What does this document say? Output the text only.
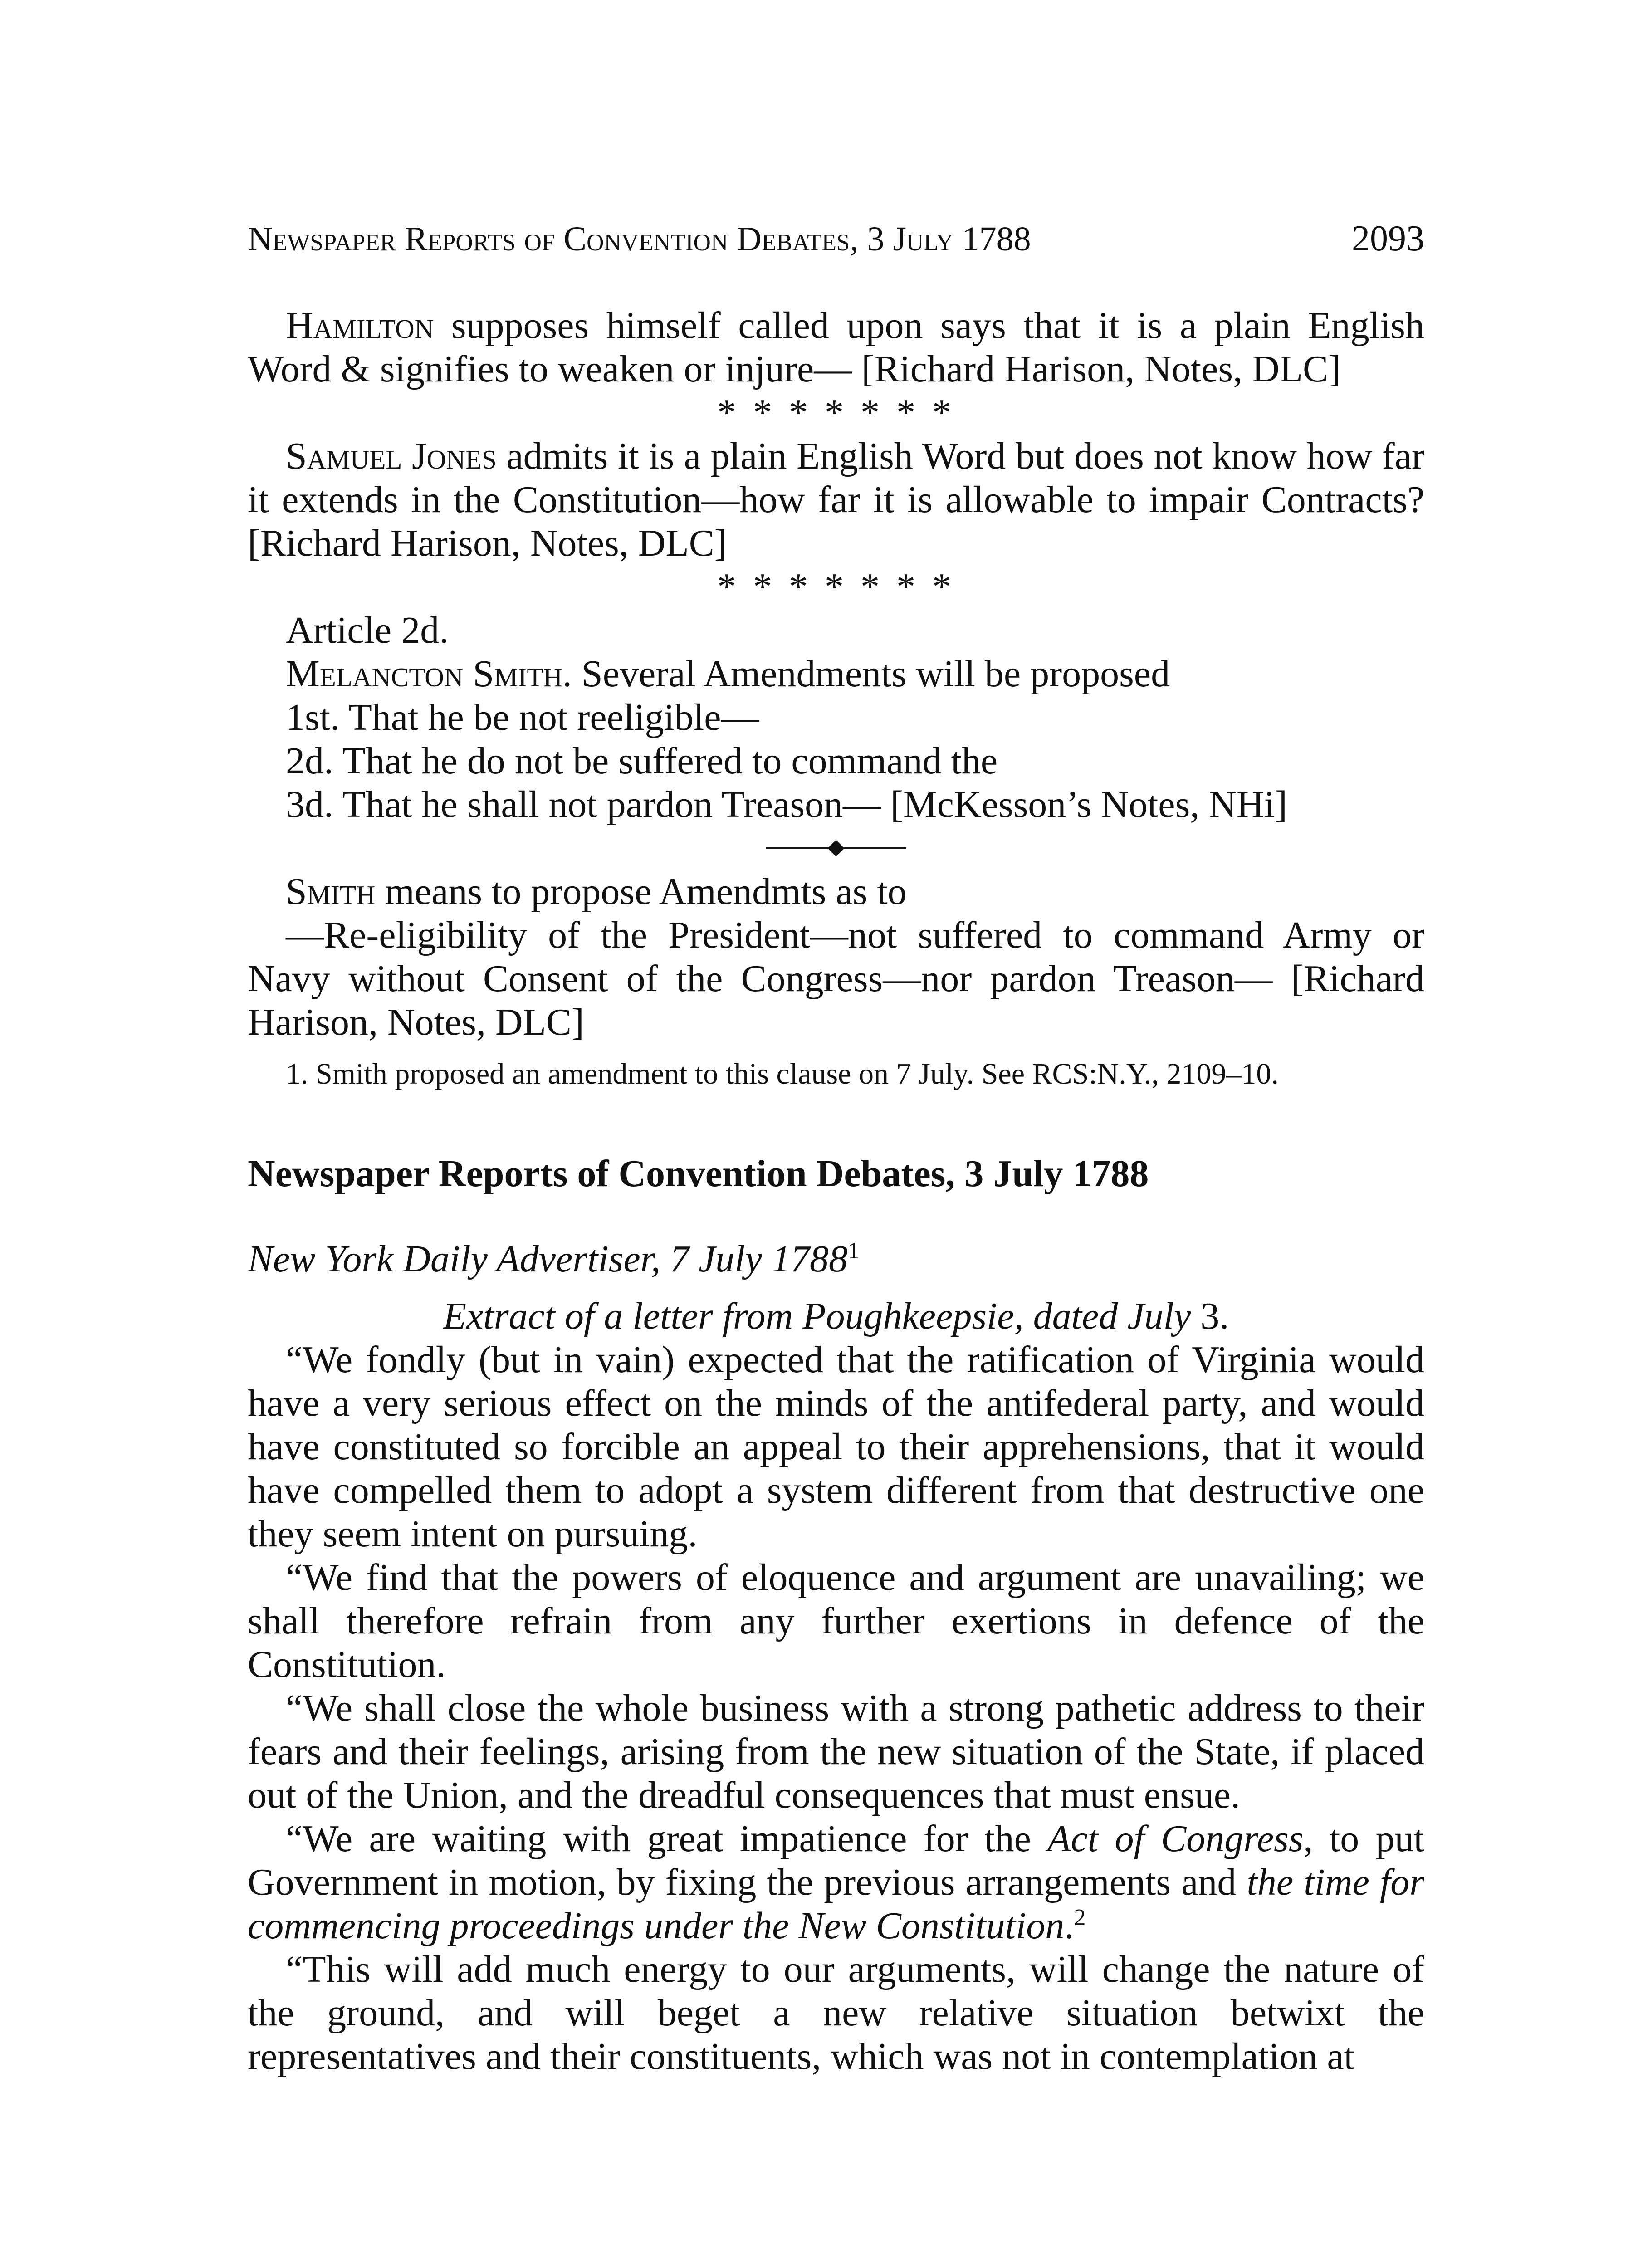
Newspaper Reports of Convention Debates, 3 July 1788	2093

Hamilton supposes himself called upon says that it is a plain English Word & signifies to weaken or injure— [Richard Harison, Notes, DLC]

* * * * * * *

Samuel Jones admits it is a plain English Word but does not know how far it extends in the Constitution—how far it is allowable to impair Contracts? [Richard Harison, Notes, DLC]

* * * * * * *

Article 2d.
Melancton Smith. Several Amendments will be proposed
1st. That he be not reeligible—
2d. That he do not be suffered to command the
3d. That he shall not pardon Treason— [McKesson’s Notes, NHi]

Smith means to propose Amendmts as to

—Re-eligibility of the President—not suffered to command Army or Navy without Consent of the Congress—nor pardon Treason— [Richard Harison, Notes, DLC]

1. Smith proposed an amendment to this clause on 7 July. See RCS:N.Y., 2109–10.

Newspaper Reports of Convention Debates, 3 July 1788

New York Daily Advertiser, 7 July 1788$^1$

Extract of a letter from Poughkeepsie, dated July 3.

“We fondly (but in vain) expected that the ratification of Virginia would have a very serious effect on the minds of the antifederal party, and would have constituted so forcible an appeal to their apprehensions, that it would have compelled them to adopt a system different from that destructive one they seem intent on pursuing.

“We find that the powers of eloquence and argument are unavailing; we shall therefore refrain from any further exertions in defence of the Constitution.

“We shall close the whole business with a strong pathetic address to their fears and their feelings, arising from the new situation of the State, if placed out of the Union, and the dreadful consequences that must ensue.

“We are waiting with great impatience for the Act of Congress, to put Government in motion, by fixing the previous arrangements and the time for commencing proceedings under the New Constitution.$^2$

“This will add much energy to our arguments, will change the nature of the ground, and will beget a new relative situation betwixt the representatives and their constituents, which was not in contemplation at
